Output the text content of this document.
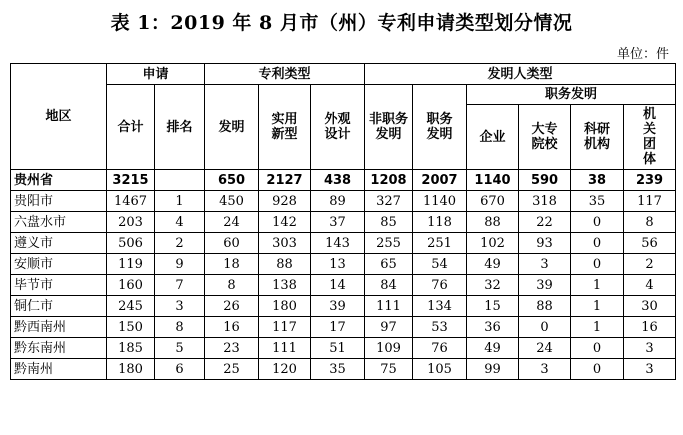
表 1：2019 年 8 月市（州）专利申请类型划分情况
单位：件
地区	申请		专利类型			发明人类型					
	合计	排名	发明	实用新型	外观设计	非职务发明	职务发明	职务发明			
								企业	大专院校	科研机构	机关团体
贵州省	3215		650	2127	438	1208	2007	1140	590	38	239
贵阳市	1467	1	450	928	89	327	1140	670	318	35	117
六盘水市	203	4	24	142	37	85	118	88	22	0	8
遵义市	506	2	60	303	143	255	251	102	93	0	56
安顺市	119	9	18	88	13	65	54	49	3	0	2
毕节市	160	7	8	138	14	84	76	32	39	1	4
铜仁市	245	3	26	180	39	111	134	15	88	1	30
黔西南州	150	8	16	117	17	97	53	36	0	1	16
黔东南州	185	5	23	111	51	109	76	49	24	0	3
黔南州	180	6	25	120	35	75	105	99	3	0	3
